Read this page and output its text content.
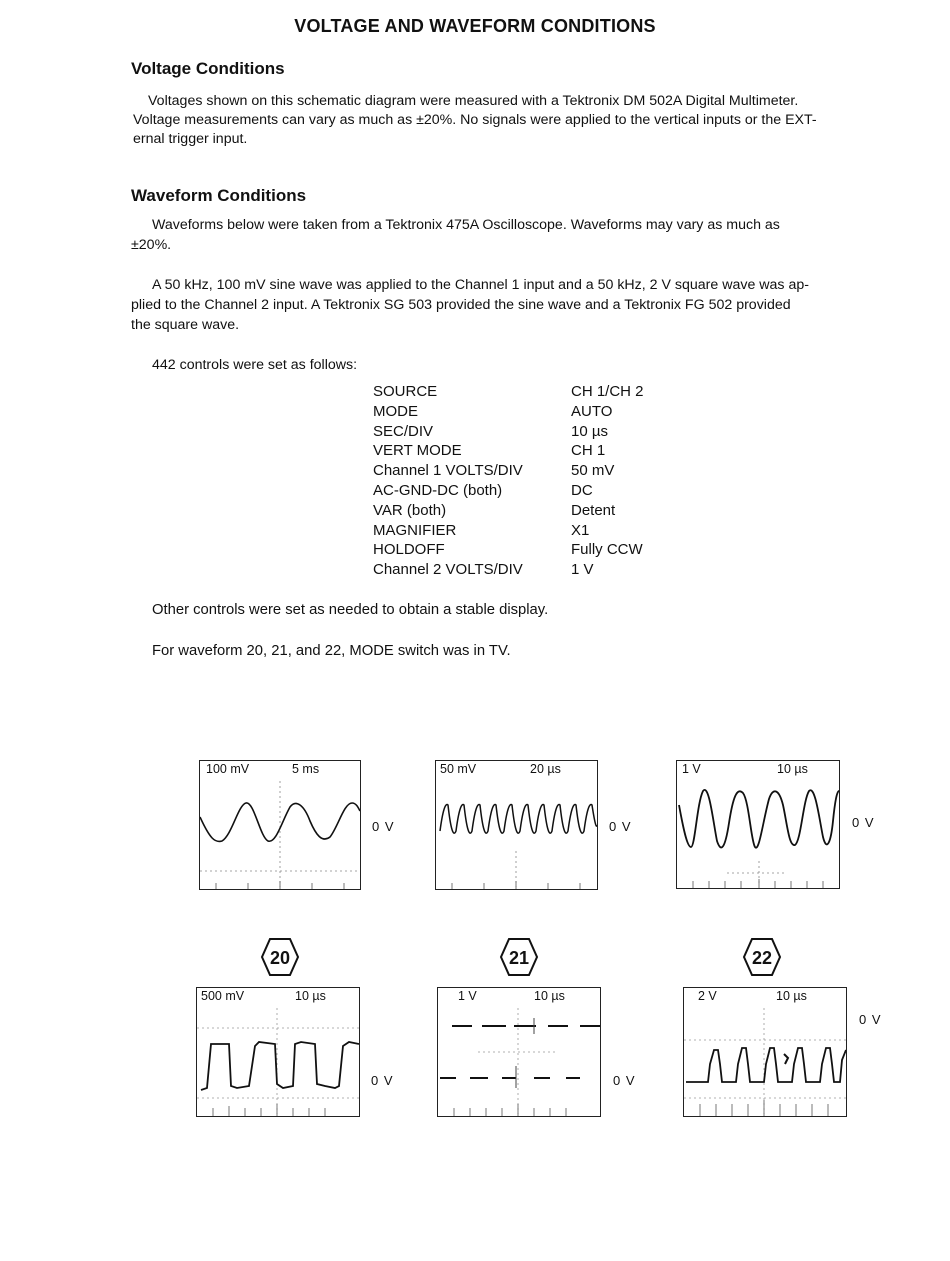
VOLTAGE AND WAVEFORM CONDITIONS
Voltage Conditions
Voltages shown on this schematic diagram were measured with a Tektronix DM 502A Digital Multimeter.
Voltage measurements can vary as much as ±20%. No signals were applied to the vertical inputs or the EXT-
ernal trigger input.
Waveform Conditions
Waveforms below were taken from a Tektronix 475A Oscilloscope. Waveforms may vary as much as
±20%.
A 50 kHz, 100 mV sine wave was applied to the Channel 1 input and a 50 kHz, 2 V square wave was ap-
plied to the Channel 2 input. A Tektronix SG 503 provided the sine wave and a Tektronix FG 502 provided
the square wave.
442 controls were set as follows:
SOURCE	CH 1/CH 2
MODE	AUTO
SEC/DIV	10 µs
VERT MODE	CH 1
Channel 1 VOLTS/DIV	50 mV
AC-GND-DC (both)	DC
VAR (both)	Detent
MAGNIFIER	X1
HOLDOFF	Fully CCW
Channel 2 VOLTS/DIV	1 V
Other controls were set as needed to obtain a stable display.
For waveform 20, 21, and 22, MODE switch was in TV.
100 mV	5 ms
0 V
50 mV	20 µs
0 V
1 V	10 µs
0 V
20	21	22
500 mV	10 µs
0 V
1 V	10 µs
0 V
2 V	10 µs
0 V
